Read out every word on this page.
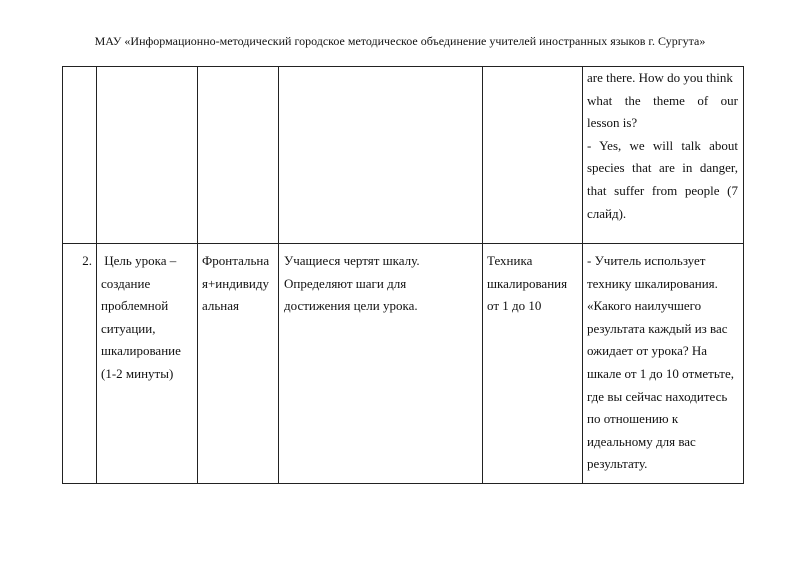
МАУ «Информационно-методический городское методическое объединение учителей иностранных языков г. Сургута»
are there. How do you think
what the theme of our
lesson is?
- Yes, we will talk about
species that are in danger,
that suffer from people (7
слайд).
2. Цель урока –
создание
проблемной
ситуации,
шкалирование
(1-2 минуты)
Фронтальна
я+индивиду
альная
Учащиеся чертят шкалу.
Определяют шаги для
достижения цели урока.
Техника
шкалирования
от 1 до 10
- Учитель использует
технику шкалирования.
«Какого наилучшего
результата каждый из вас
ожидает от урока? На
шкале от 1 до 10 отметьте,
где вы сейчас находитесь
по отношению к
идеальному для вас
результату.
